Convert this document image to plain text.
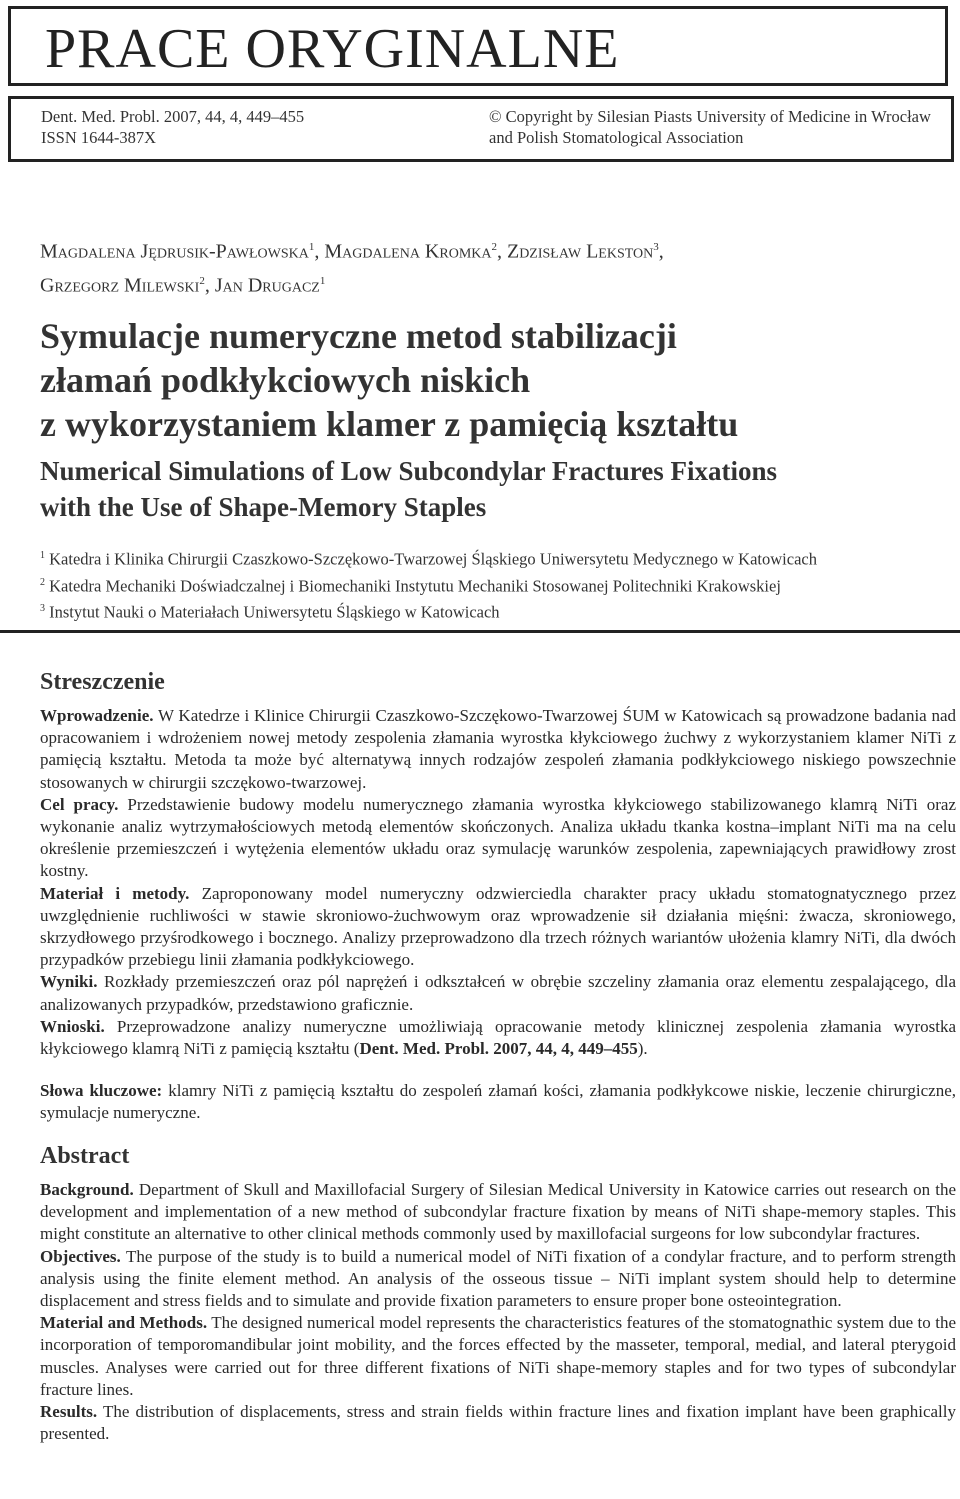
PRACE ORYGINALNE
Dent. Med. Probl. 2007, 44, 4, 449–455
ISSN 1644-387X
© Copyright by Silesian Piasts University of Medicine in Wrocław
and Polish Stomatological Association
Magdalena Jędrusik-Pawłowska$^1$, Magdalena Kromka$^2$, Zdzisław Lekston$^3$,
Grzegorz Milewski$^2$, Jan Drugacz$^1$
Symulacje numeryczne metod stabilizacji
złamań podkłykciowych niskich
z wykorzystaniem klamer z pamięcią kształtu
Numerical Simulations of Low Subcondylar Fractures Fixations
with the Use of Shape-Memory Staples
$^1$ Katedra i Klinika Chirurgii Czaszkowo-Szczękowo-Twarzowej Śląskiego Uniwersytetu Medycznego w Katowicach
$^2$ Katedra Mechaniki Doświadczalnej i Biomechaniki Instytutu Mechaniki Stosowanej Politechniki Krakowskiej
$^3$ Instytut Nauki o Materiałach Uniwersytetu Śląskiego w Katowicach
Streszczenie

Wprowadzenie. W Katedrze i Klinice Chirurgii Czaszkowo-Szczękowo-Twarzowej ŚUM w Katowicach są prowadzone badania nad opracowaniem i wdrożeniem nowej metody zespolenia złamania wyrostka kłykciowego żuchwy z wykorzystaniem klamer NiTi z pamięcią kształtu. Metoda ta może być alternatywą innych rodzajów zespoleń złamania podkłykciowego niskiego powszechnie stosowanych w chirurgii szczękowo-twarzowej.

Cel pracy. Przedstawienie budowy modelu numerycznego złamania wyrostka kłykciowego stabilizowanego klamrą NiTi oraz wykonanie analiz wytrzymałościowych metodą elementów skończonych. Analiza układu tkanka kostna–implant NiTi ma na celu określenie przemieszczeń i wytężenia elementów układu oraz symulację warunków zespolenia, zapewniających prawidłowy zrost kostny.

Materiał i metody. Zaproponowany model numeryczny odzwierciedla charakter pracy układu stomatognatycznego przez uwzględnienie ruchliwości w stawie skroniowo-żuchwowym oraz wprowadzenie sił działania mięśni: żwacza, skroniowego, skrzydłowego przyśrodkowego i bocznego. Analizy przeprowadzono dla trzech różnych wariantów ułożenia klamry NiTi, dla dwóch przypadków przebiegu linii złamania podkłykciowego.

Wyniki. Rozkłady przemieszczeń oraz pól naprężeń i odkształceń w obrębie szczeliny złamania oraz elementu zespalającego, dla analizowanych przypadków, przedstawiono graficznie.

Wnioski. Przeprowadzone analizy numeryczne umożliwiają opracowanie metody klinicznej zespolenia złamania wyrostka kłykciowego klamrą NiTi z pamięcią kształtu (Dent. Med. Probl. 2007, 44, 4, 449–455).

Słowa kluczowe: klamry NiTi z pamięcią kształtu do zespoleń złamań kości, złamania podkłykcowe niskie, leczenie chirurgiczne, symulacje numeryczne.

Abstract

Background. Department of Skull and Maxillofacial Surgery of Silesian Medical University in Katowice carries out research on the development and implementation of a new method of subcondylar fracture fixation by means of NiTi shape-memory staples. This might constitute an alternative to other clinical methods commonly used by maxillofacial surgeons for low subcondylar fractures.

Objectives. The purpose of the study is to build a numerical model of NiTi fixation of a condylar fracture, and to perform strength analysis using the finite element method. An analysis of the osseous tissue – NiTi implant system should help to determine displacement and stress fields and to simulate and provide fixation parameters to ensure proper bone osteointegration.

Material and Methods. The designed numerical model represents the characteristics features of the stomatognathic system due to the incorporation of temporomandibular joint mobility, and the forces effected by the masseter, temporal, medial, and lateral pterygoid muscles. Analyses were carried out for three different fixations of NiTi shape-memory staples and for two types of subcondylar fracture lines.

Results. The distribution of displacements, stress and strain fields within fracture lines and fixation implant have been graphically presented.
